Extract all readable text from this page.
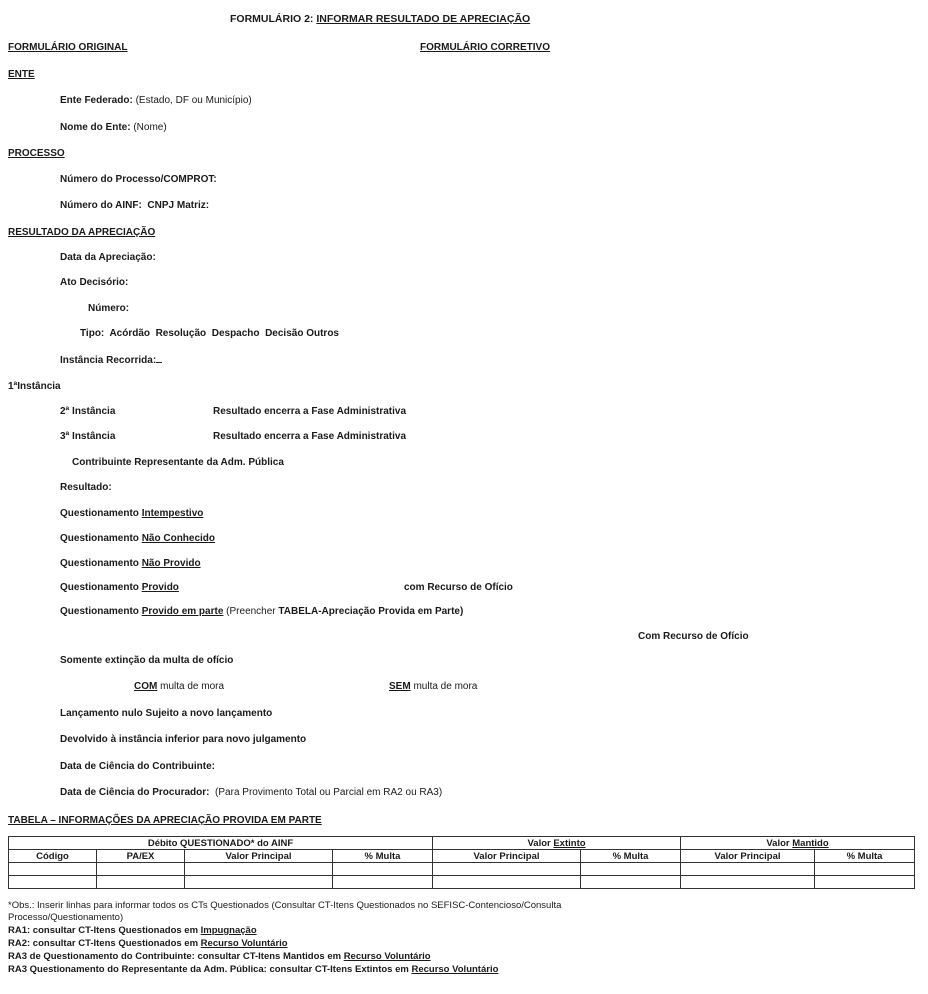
FORMULÁRIO 2: INFORMAR RESULTADO DE APRECIAÇÃO
FORMULÁRIO ORIGINAL	FORMULÁRIO CORRETIVO
ENTE
Ente Federado: (Estado, DF ou Município)
Nome do Ente: (Nome)
PROCESSO
Número do Processo/COMPROT:
Número do AINF: CNPJ Matriz:
RESULTADO DA APRECIAÇÃO
Data da Apreciação:
Ato Decisório:
Número:
Tipo: Acórdão Resolução Despacho Decisão Outros
Instância Recorrida:
1ªInstância
2ª Instância	Resultado encerra a Fase Administrativa
3ª Instância	Resultado encerra a Fase Administrativa
Contribuinte Representante da Adm. Pública
Resultado:
Questionamento Intempestivo
Questionamento Não Conhecido
Questionamento Não Provido
Questionamento Provido	com Recurso de Ofício
Questionamento Provido em parte (Preencher TABELA-Apreciação Provida em Parte)
Com Recurso de Ofício
Somente extinção da multa de ofício
COM multa de mora	SEM multa de mora
Lançamento nulo Sujeito a novo lançamento
Devolvido à instância inferior para novo julgamento
Data de Ciência do Contribuinte:
Data de Ciência do Procurador: (Para Provimento Total ou Parcial em RA2 ou RA3)
TABELA – INFORMAÇÕES DA APRECIAÇÃO PROVIDA EM PARTE
Débito QUESTIONADO* do AINF				Valor Extinto		Valor Mantido	
Código	PA/EX	Valor Principal	% Multa	Valor Principal	% Multa	Valor Principal	% Multa

*Obs.: Inserir linhas para informar todos os CTs Questionados (Consultar CT-Itens Questionados no SEFISC-Contencioso/Consulta
Processo/Questionamento)
RA1: consultar CT-Itens Questionados em Impugnação
RA2: consultar CT-Itens Questionados em Recurso Voluntário
RA3 de Questionamento do Contribuinte: consultar CT-Itens Mantidos em Recurso Voluntário
RA3 Questionamento do Representante da Adm. Pública: consultar CT-Itens Extintos em Recurso Voluntário
